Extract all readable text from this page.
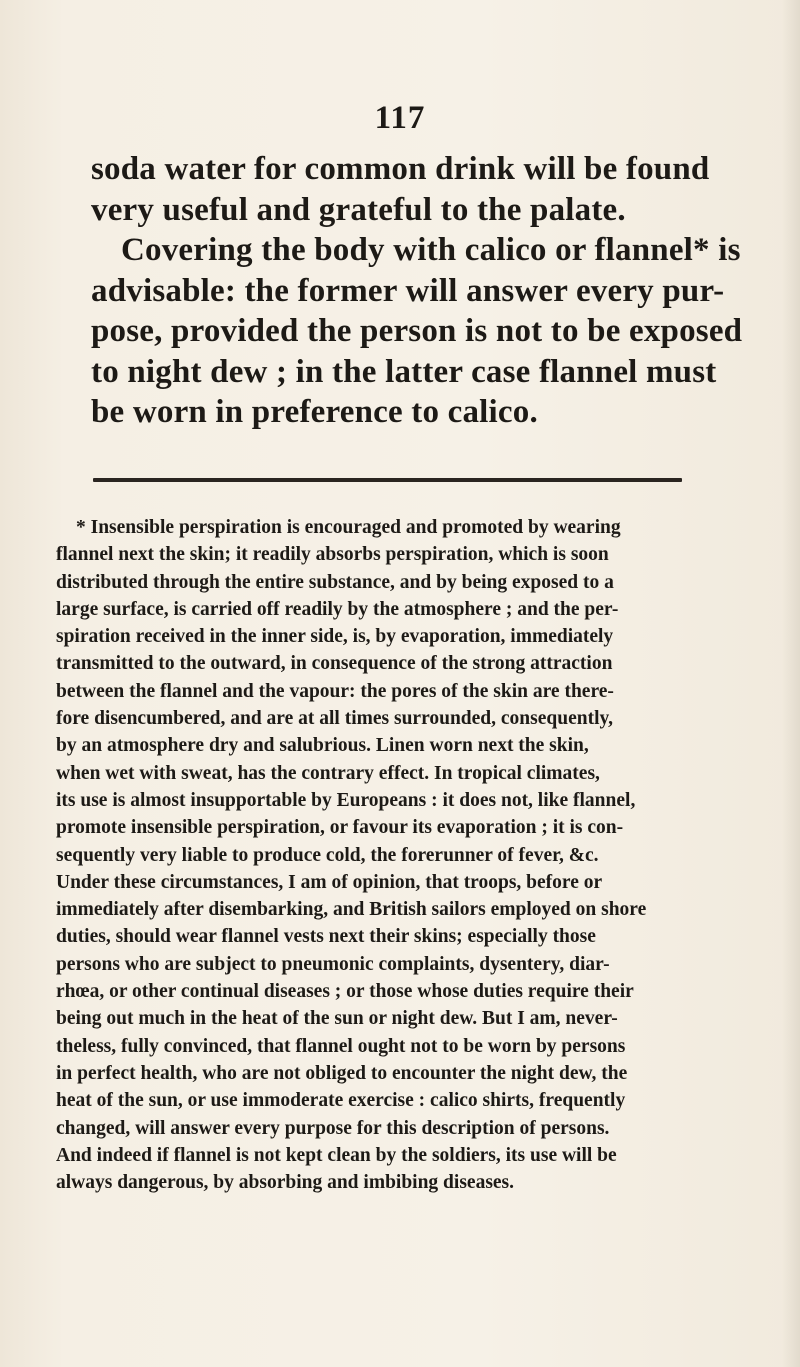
117
soda water for common drink will be found
very useful and grateful to the palate.
Covering the body with calico or flannel* is
advisable: the former will answer every pur-
pose, provided the person is not to be exposed
to night dew ; in the latter case flannel must
be worn in preference to calico.
* Insensible perspiration is encouraged and promoted by wearing
flannel next the skin; it readily absorbs perspiration, which is soon
distributed through the entire substance, and by being exposed to a
large surface, is carried off readily by the atmosphere ; and the per-
spiration received in the inner side, is, by evaporation, immediately
transmitted to the outward, in consequence of the strong attraction
between the flannel and the vapour: the pores of the skin are there-
fore disencumbered, and are at all times surrounded, consequently,
by an atmosphere dry and salubrious. Linen worn next the skin,
when wet with sweat, has the contrary effect. In tropical climates,
its use is almost insupportable by Europeans : it does not, like flannel,
promote insensible perspiration, or favour its evaporation ; it is con-
sequently very liable to produce cold, the forerunner of fever, &c.
Under these circumstances, I am of opinion, that troops, before or
immediately after disembarking, and British sailors employed on shore
duties, should wear flannel vests next their skins; especially those
persons who are subject to pneumonic complaints, dysentery, diar-
rhœa, or other continual diseases ; or those whose duties require their
being out much in the heat of the sun or night dew. But I am, never-
theless, fully convinced, that flannel ought not to be worn by persons
in perfect health, who are not obliged to encounter the night dew, the
heat of the sun, or use immoderate exercise : calico shirts, frequently
changed, will answer every purpose for this description of persons.
And indeed if flannel is not kept clean by the soldiers, its use will be
always dangerous, by absorbing and imbibing diseases.
